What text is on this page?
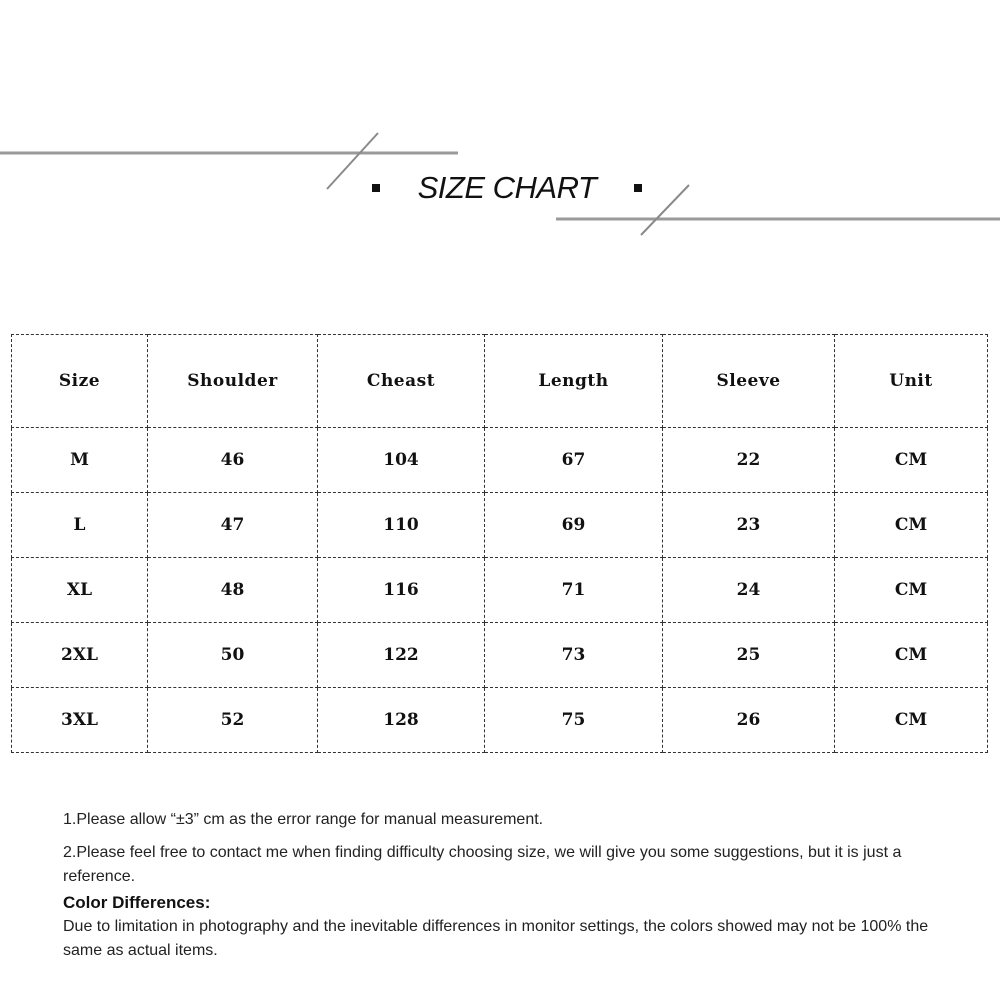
SIZE CHART
Size	Shoulder	Cheast	Length	Sleeve	Unit
M	46	104	67	22	CM
L	47	110	69	23	CM
XL	48	116	71	24	CM
2XL	50	122	73	25	CM
3XL	52	128	75	26	CM

1.Please allow “±3” cm as the error range for manual measurement.

2.Please feel free to contact me when finding difficulty choosing size, we will give you some suggestions, but it is just a reference.

Color Differences:

Due to limitation in photography and the inevitable differences in monitor settings, the colors showed may not be 100% the same as actual items.
